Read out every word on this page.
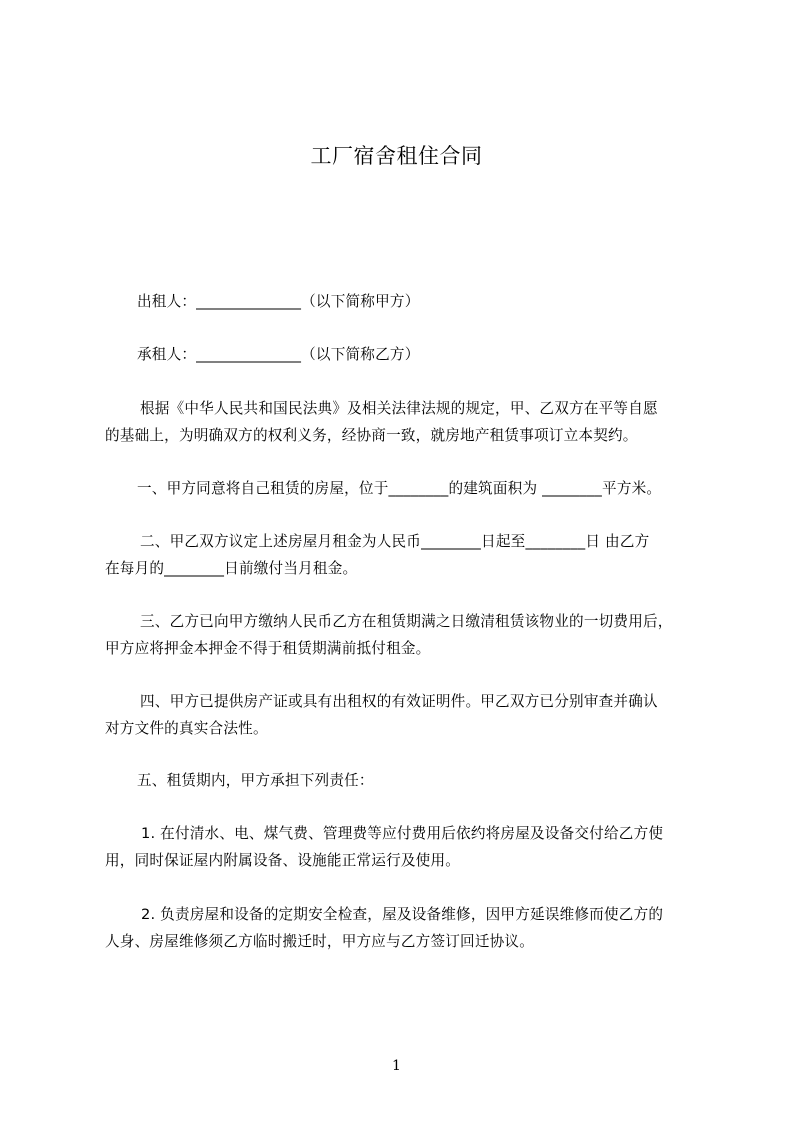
工厂宿舍租住合同
出租人：______________（以下简称甲方）
承租人：______________（以下简称乙方）
根据《中华人民共和国民法典》及相关法律法规的规定，甲、乙双方在平等自愿
的基础上，为明确双方的权利义务，经协商一致，就房地产租赁事项订立本契约。
一、甲方同意将自己租赁的房屋，位于________的建筑面积为 ________平方米。
二、甲乙双方议定上述房屋月租金为人民币________日起至________日 由乙方
在每月的________日前缴付当月租金。
三、乙方已向甲方缴纳人民币乙方在租赁期满之日缴清租赁该物业的一切费用后，
甲方应将押金本押金不得于租赁期满前抵付租金。
四、甲方已提供房产证或具有出租权的有效证明件。甲乙双方已分别审查并确认
对方文件的真实合法性。
五、租赁期内，甲方承担下列责任：
1. 在付清水、电、煤气费、管理费等应付费用后依约将房屋及设备交付给乙方使
用，同时保证屋内附属设备、设施能正常运行及使用。
2. 负责房屋和设备的定期安全检查，屋及设备维修，因甲方延误维修而使乙方的
人身、房屋维修须乙方临时搬迁时，甲方应与乙方签订回迁协议。
1
